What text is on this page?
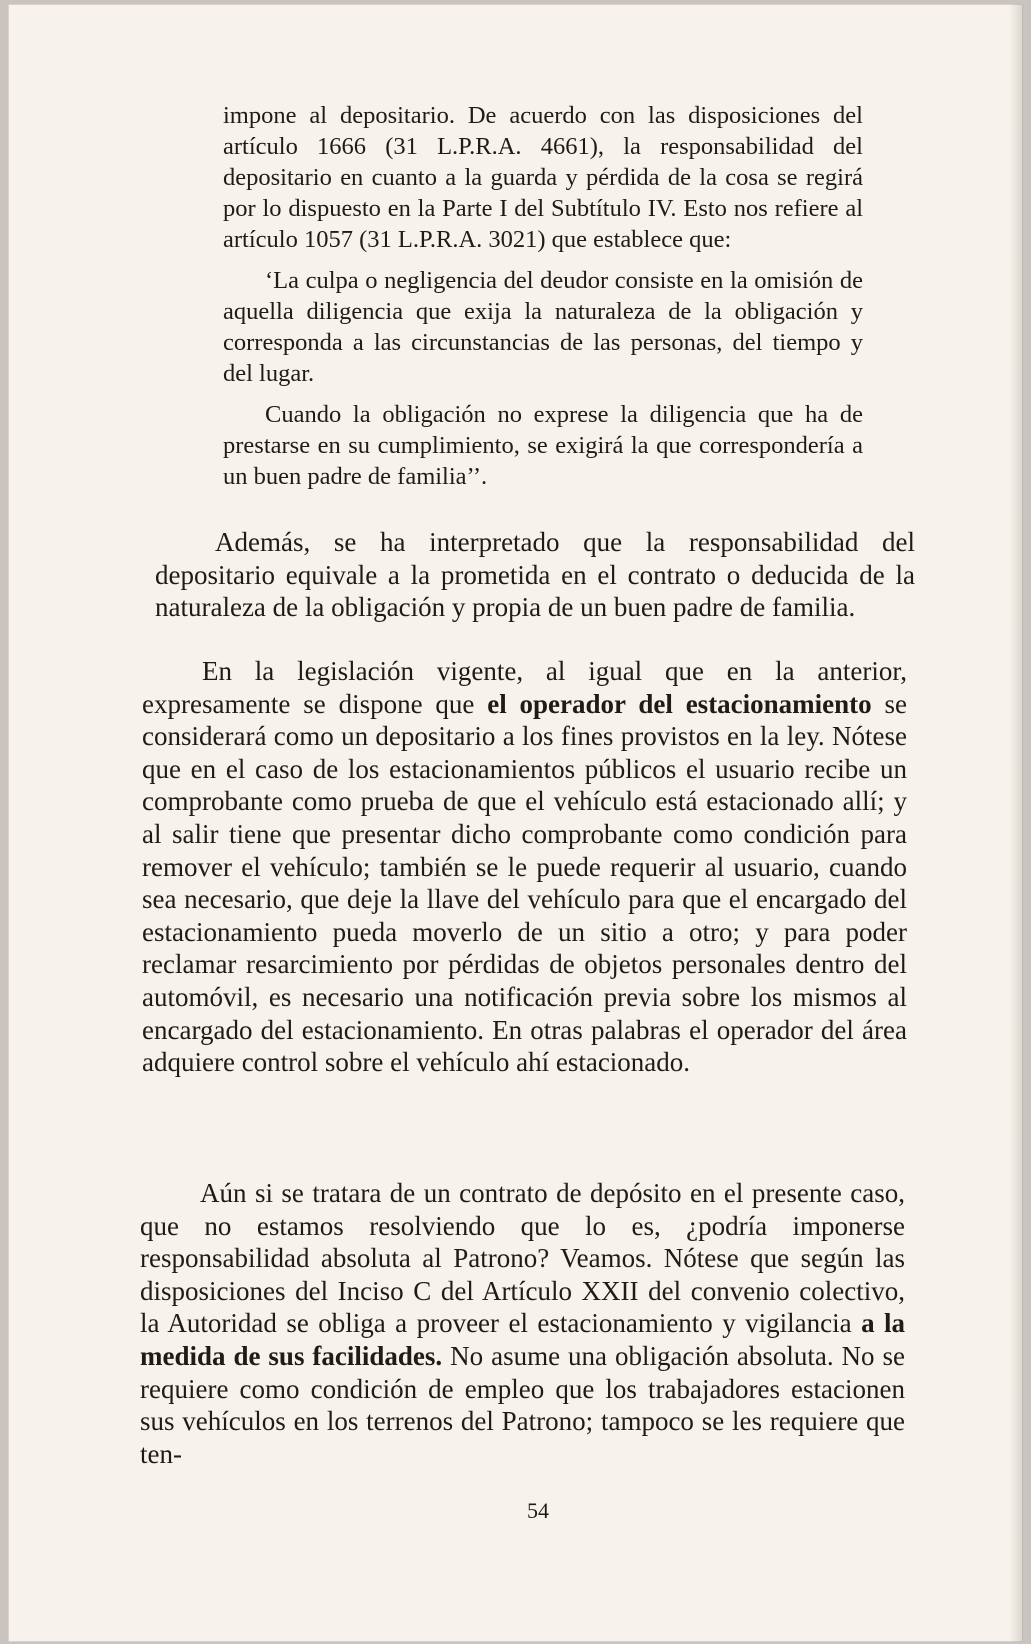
impone al depositario. De acuerdo con las disposiciones del artículo 1666 (31 L.P.R.A. 4661), la responsabilidad del depositario en cuanto a la guarda y pérdida de la cosa se regirá por lo dispuesto en la Parte I del Subtítulo IV. Esto nos refiere al artículo 1057 (31 L.P.R.A. 3021) que establece que:

‘La culpa o negligencia del deudor consiste en la omisión de aquella diligencia que exija la naturaleza de la obligación y corresponda a las circunstancias de las personas, del tiempo y del lugar.

Cuando la obligación no exprese la diligencia que ha de prestarse en su cumplimiento, se exigirá la que correspondería a un buen padre de familia’’.

Además, se ha interpretado que la responsabilidad del depositario equivale a la prometida en el contrato o deducida de la naturaleza de la obligación y propia de un buen padre de familia.

En la legislación vigente, al igual que en la anterior, expresamente se dispone que el operador del estacionamiento se considerará como un depositario a los fines provistos en la ley. Nótese que en el caso de los estacionamientos públicos el usuario recibe un comprobante como prueba de que el vehículo está estacionado allí; y al salir tiene que presentar dicho comprobante como condición para remover el vehículo; también se le puede requerir al usuario, cuando sea necesario, que deje la llave del vehículo para que el encargado del estacionamiento pueda moverlo de un sitio a otro; y para poder reclamar resarcimiento por pérdidas de objetos personales dentro del automóvil, es necesario una notificación previa sobre los mismos al encargado del estacionamiento. En otras palabras el operador del área adquiere control sobre el vehículo ahí estacionado.

Aún si se tratara de un contrato de depósito en el presente caso, que no estamos resolviendo que lo es, ¿podría imponerse responsabilidad absoluta al Patrono? Veamos. Nótese que según las disposiciones del Inciso C del Artículo XXII del convenio colectivo, la Autoridad se obliga a proveer el estacionamiento y vigilancia a la medida de sus facilidades. No asume una obligación absoluta. No se requiere como condición de empleo que los trabajadores estacionen sus vehículos en los terrenos del Patrono; tampoco se les requiere que ten-

54
